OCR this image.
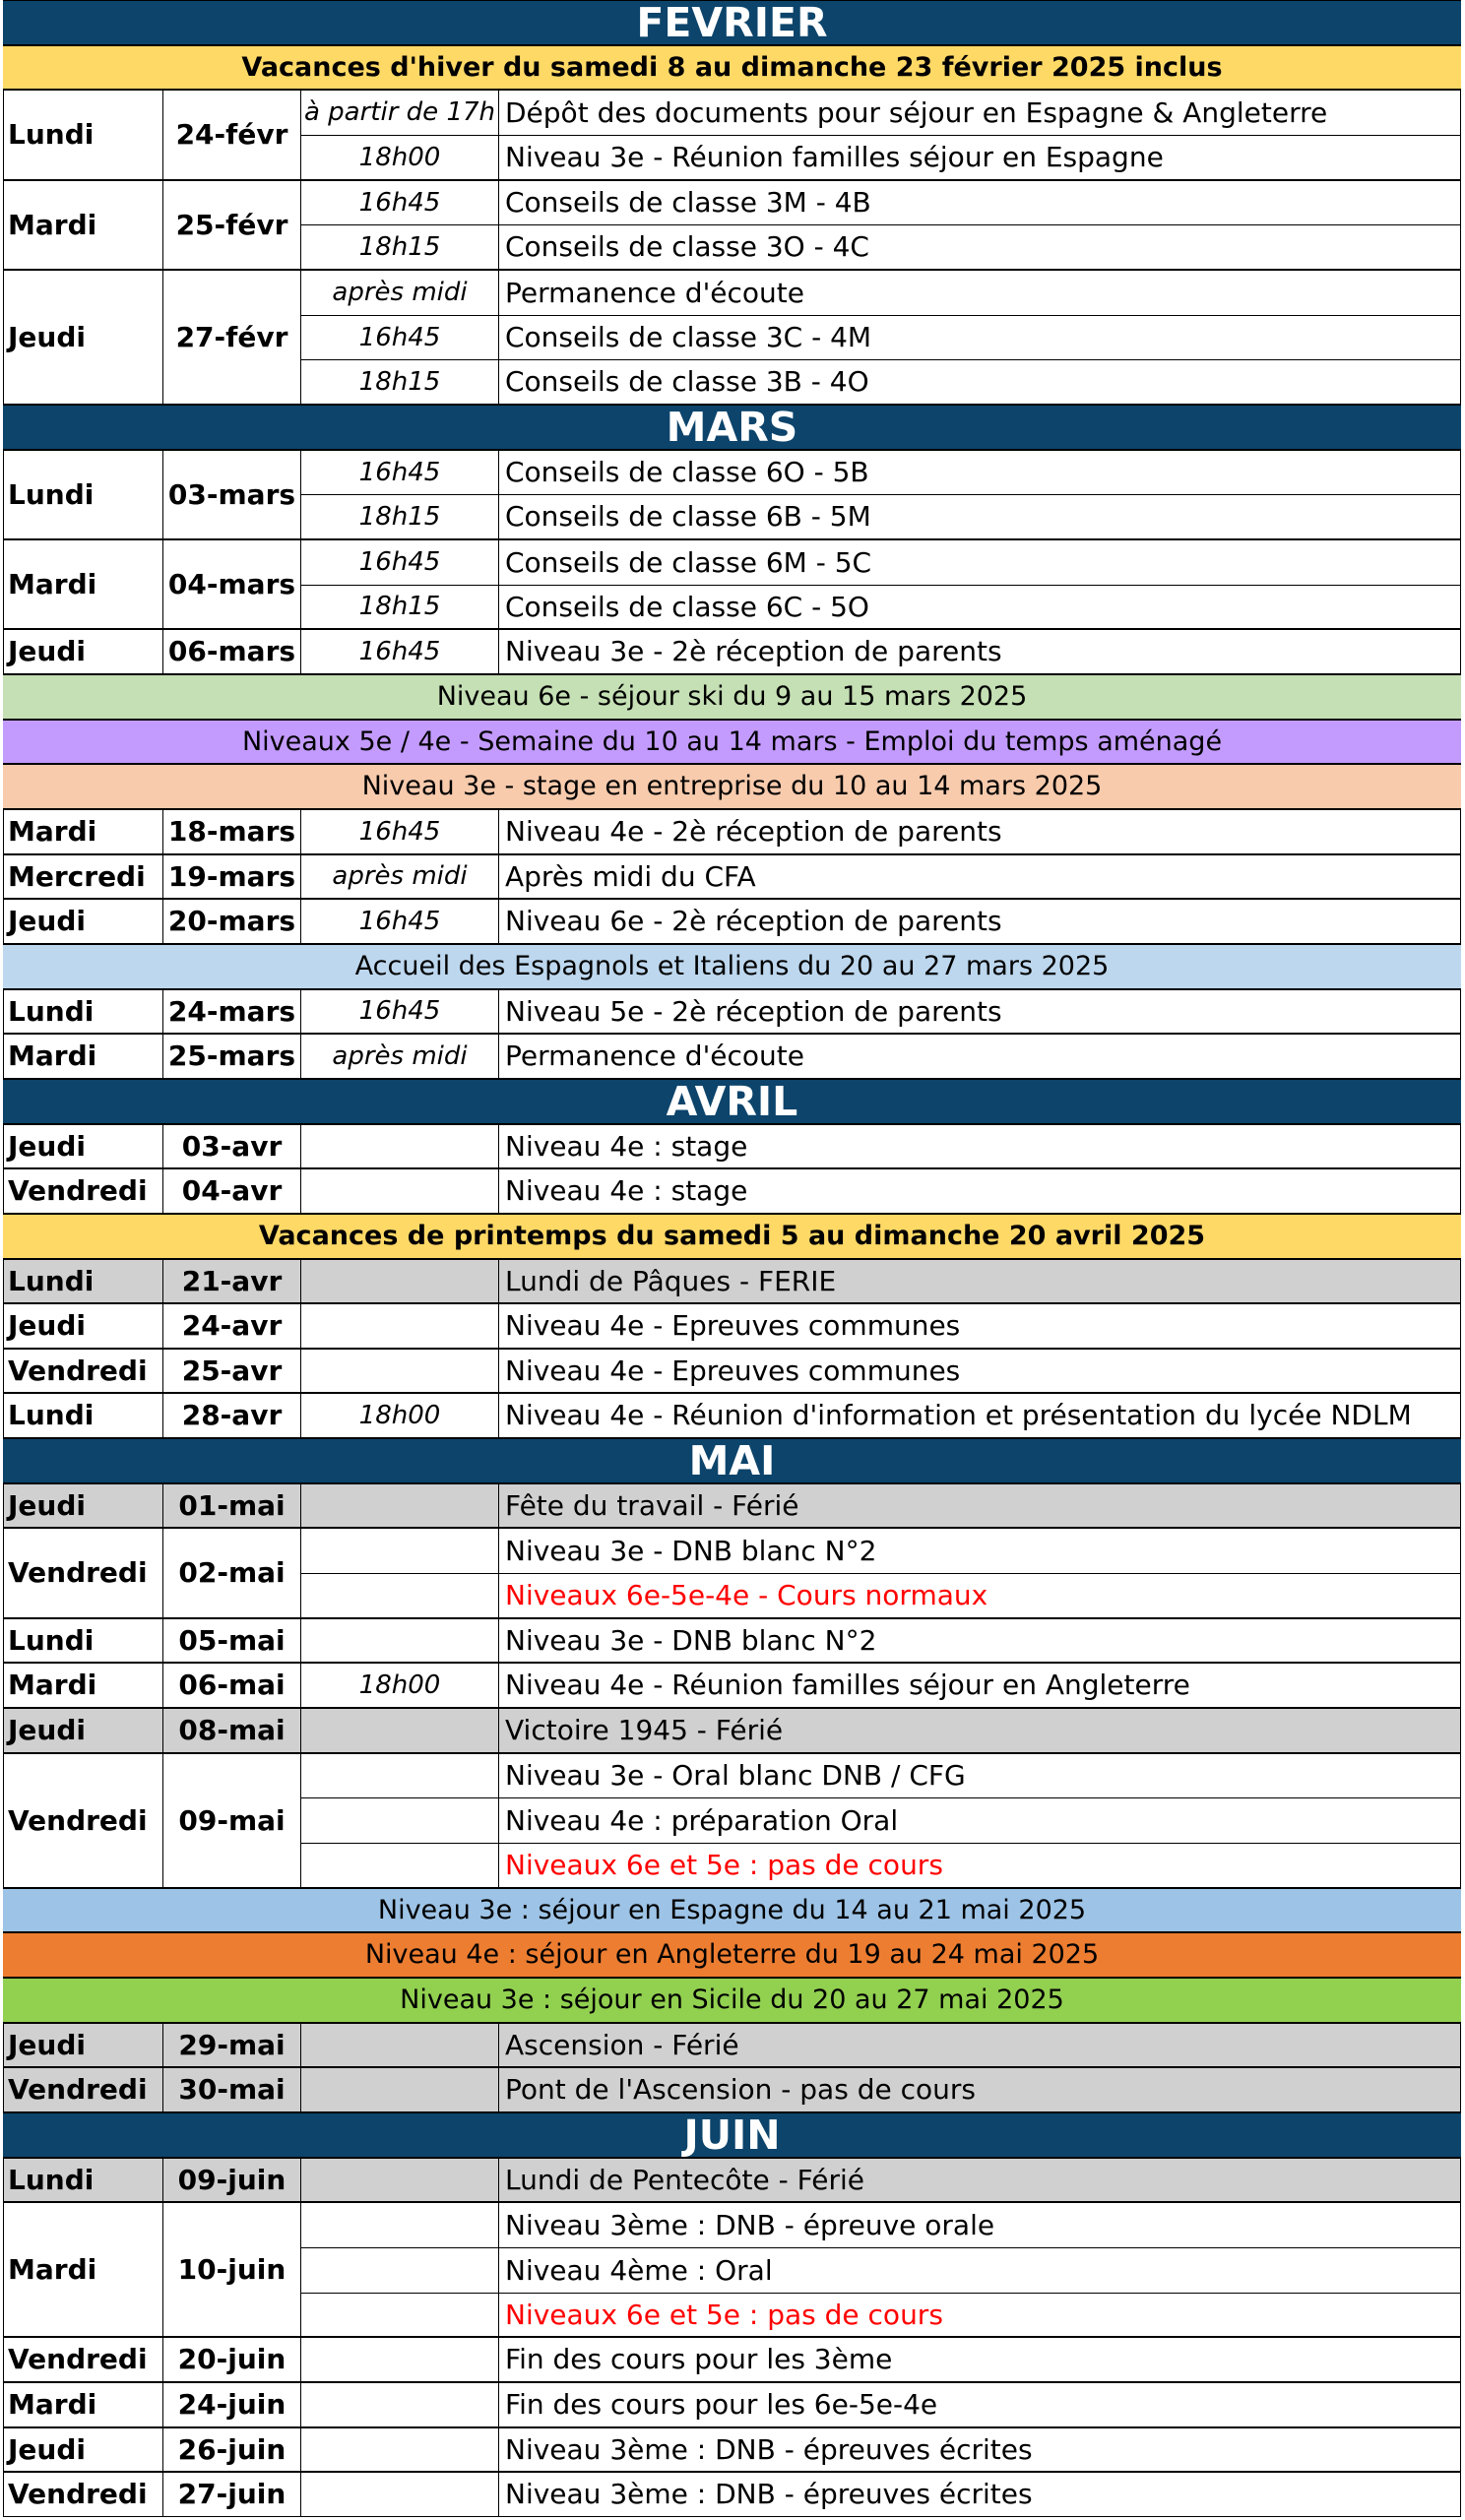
FEVRIER
Vacances d'hiver du samedi 8 au dimanche 23 février 2025 inclus
Lundi	24-févr
à partir de 17h Dépôt des documents pour séjour en Espagne & Angleterre
18h00	Niveau 3e - Réunion familles séjour en Espagne
Mardi	25-févr
16h45	Conseils de classe 3M - 4B
18h15	Conseils de classe 3O - 4C
Jeudi	27-févr
après midi	Permanence d'écoute
16h45	Conseils de classe 3C - 4M
18h15	Conseils de classe 3B - 4O
MARS
Lundi	03-mars
16h45	Conseils de classe 6O - 5B
18h15	Conseils de classe 6B - 5M
Mardi	04-mars
16h45	Conseils de classe 6M - 5C
18h15	Conseils de classe 6C - 5O
Jeudi	06-mars	16h45	Niveau 3e - 2è réception de parents
Niveau 6e - séjour ski du 9 au 15 mars 2025
Niveaux 5e / 4e - Semaine du 10 au 14 mars - Emploi du temps aménagé
Niveau 3e - stage en entreprise du 10 au 14 mars 2025
Mardi	18-mars	16h45	Niveau 4e - 2è réception de parents
Mercredi 19-mars	après midi	Après midi du CFA
Jeudi	20-mars	16h45	Niveau 6e - 2è réception de parents
Accueil des Espagnols et Italiens du 20 au 27 mars 2025
Lundi	24-mars	16h45	Niveau 5e - 2è réception de parents
Mardi	25-mars	après midi	Permanence d'écoute
AVRIL
Jeudi	03-avr	Niveau 4e : stage
Vendredi	04-avr	Niveau 4e : stage
Vacances de printemps du samedi 5 au dimanche 20 avril 2025
Lundi	21-avr	Lundi de Pâques - FERIE
Jeudi	24-avr	Niveau 4e - Epreuves communes
Vendredi	25-avr	Niveau 4e - Epreuves communes
Lundi	28-avr	18h00	Niveau 4e - Réunion d'information et présentation du lycée NDLM
MAI
Jeudi	01-mai	Fête du travail - Férié
Vendredi	02-mai
Niveau 3e - DNB blanc N°2
Niveaux 6e-5e-4e - Cours normaux
Lundi	05-mai	Niveau 3e - DNB blanc N°2
Mardi	06-mai	18h00	Niveau 4e - Réunion familles séjour en Angleterre
Jeudi	08-mai	Victoire 1945 - Férié
Vendredi	09-mai
Niveau 3e - Oral blanc DNB / CFG
Niveau 4e : préparation Oral
Niveaux 6e et 5e : pas de cours
Niveau 3e : séjour en Espagne du 14 au 21 mai 2025
Niveau 4e : séjour en Angleterre du 19 au 24 mai 2025
Niveau 3e : séjour en Sicile du 20 au 27 mai 2025
Jeudi	29-mai	Ascension - Férié
Vendredi	30-mai	Pont de l'Ascension - pas de cours
JUIN
Lundi	09-juin	Lundi de Pentecôte - Férié
Mardi	10-juin
Niveau 3ème : DNB - épreuve orale
Niveau 4ème : Oral
Niveaux 6e et 5e : pas de cours
Vendredi	20-juin	Fin des cours pour les 3ème
Mardi	24-juin	Fin des cours pour les 6e-5e-4e
Jeudi	26-juin	Niveau 3ème : DNB - épreuves écrites
Vendredi	27-juin	Niveau 3ème : DNB - épreuves écrites
